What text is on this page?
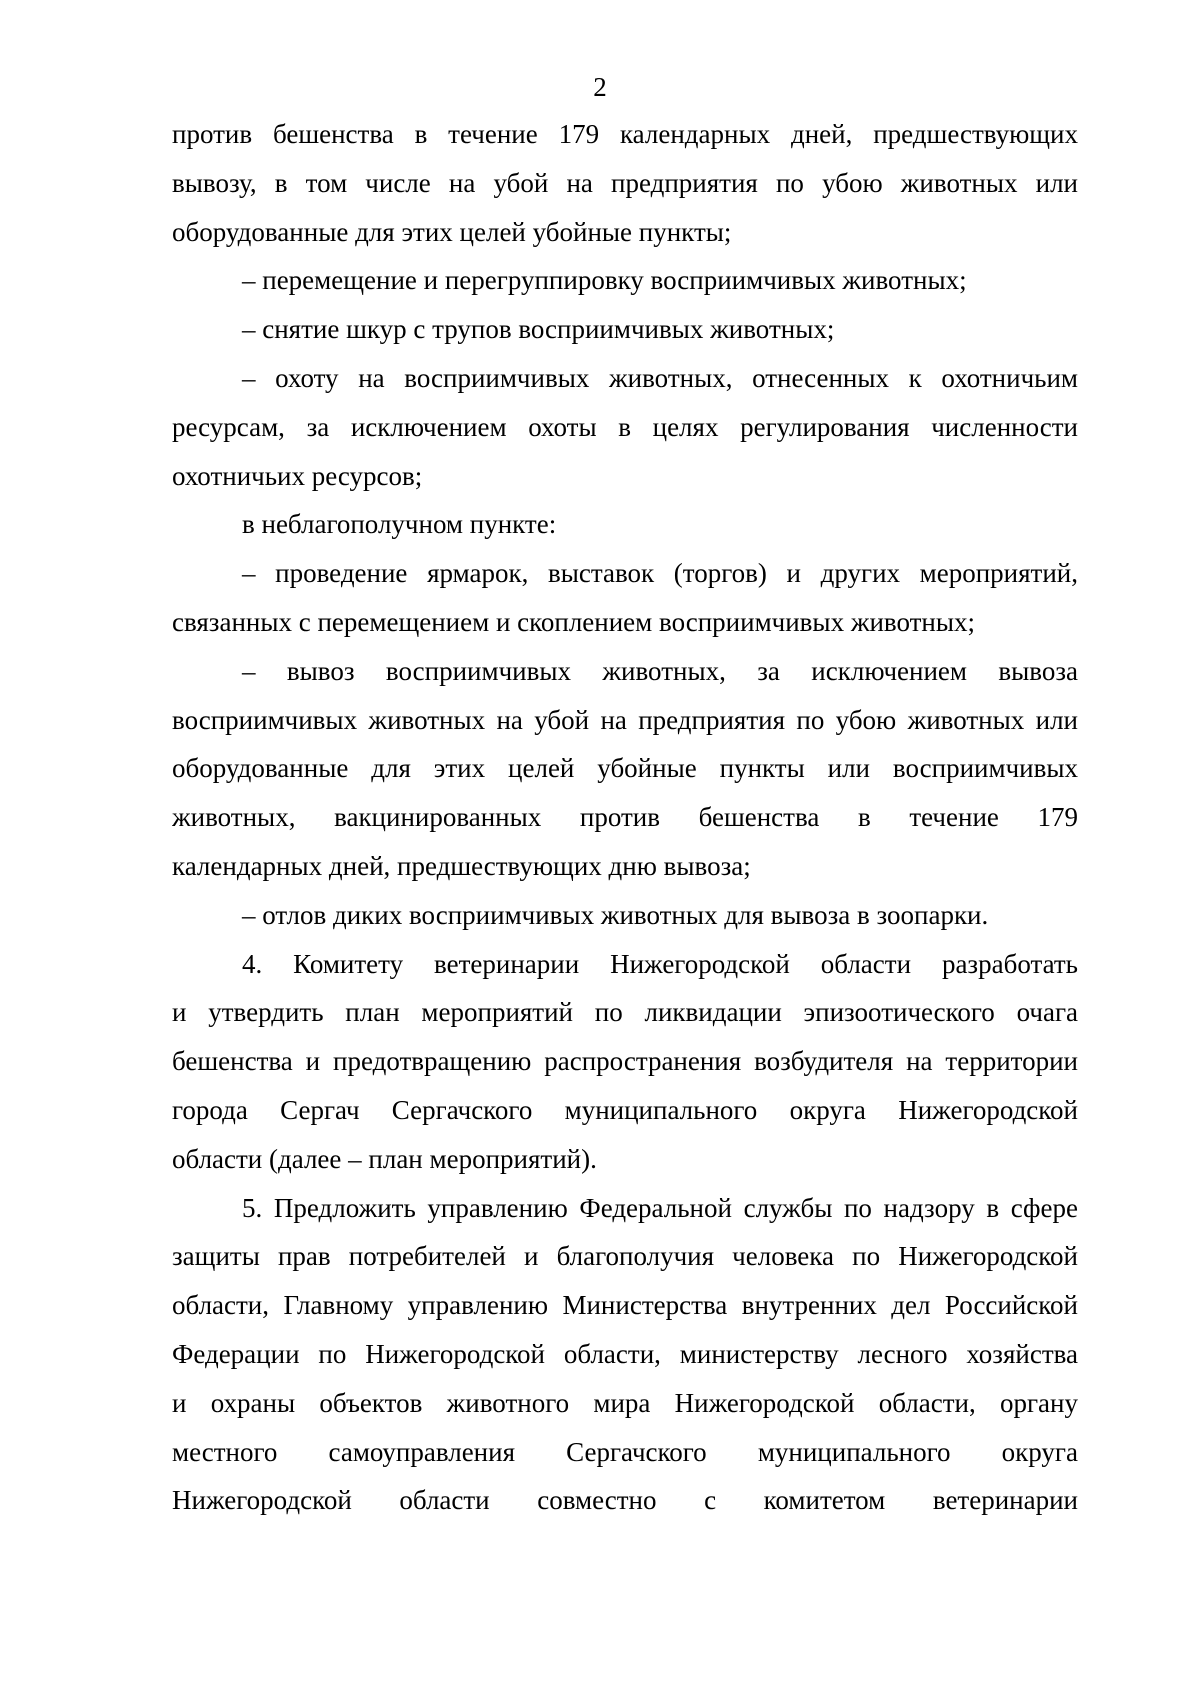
2
против бешенства в течение 179 календарных дней, предшествующих
вывозу, в том числе на убой на предприятия по убою животных или
оборудованные для этих целей убойные пункты;
– перемещение и перегруппировку восприимчивых животных;
– снятие шкур с трупов восприимчивых животных;
– охоту на восприимчивых животных, отнесенных к охотничьим
ресурсам, за исключением охоты в целях регулирования численности
охотничьих ресурсов;
в неблагополучном пункте:
– проведение ярмарок, выставок (торгов) и других мероприятий,
связанных с перемещением и скоплением восприимчивых животных;
– вывоз восприимчивых животных, за исключением вывоза
восприимчивых животных на убой на предприятия по убою животных или
оборудованные для этих целей убойные пункты или восприимчивых
животных, вакцинированных против бешенства в течение 179
календарных дней, предшествующих дню вывоза;
– отлов диких восприимчивых животных для вывоза в зоопарки.
4. Комитету ветеринарии Нижегородской области разработать
и утвердить план мероприятий по ликвидации эпизоотического очага
бешенства и предотвращению распространения возбудителя на территории
города Сергач Сергачского муниципального округа Нижегородской
области (далее – план мероприятий).
5. Предложить управлению Федеральной службы по надзору в сфере
защиты прав потребителей и благополучия человека по Нижегородской
области, Главному управлению Министерства внутренних дел Российской
Федерации по Нижегородской области, министерству лесного хозяйства
и охраны объектов животного мира Нижегородской области, органу
местного самоуправления Сергачского муниципального округа
Нижегородской области совместно с комитетом ветеринарии
